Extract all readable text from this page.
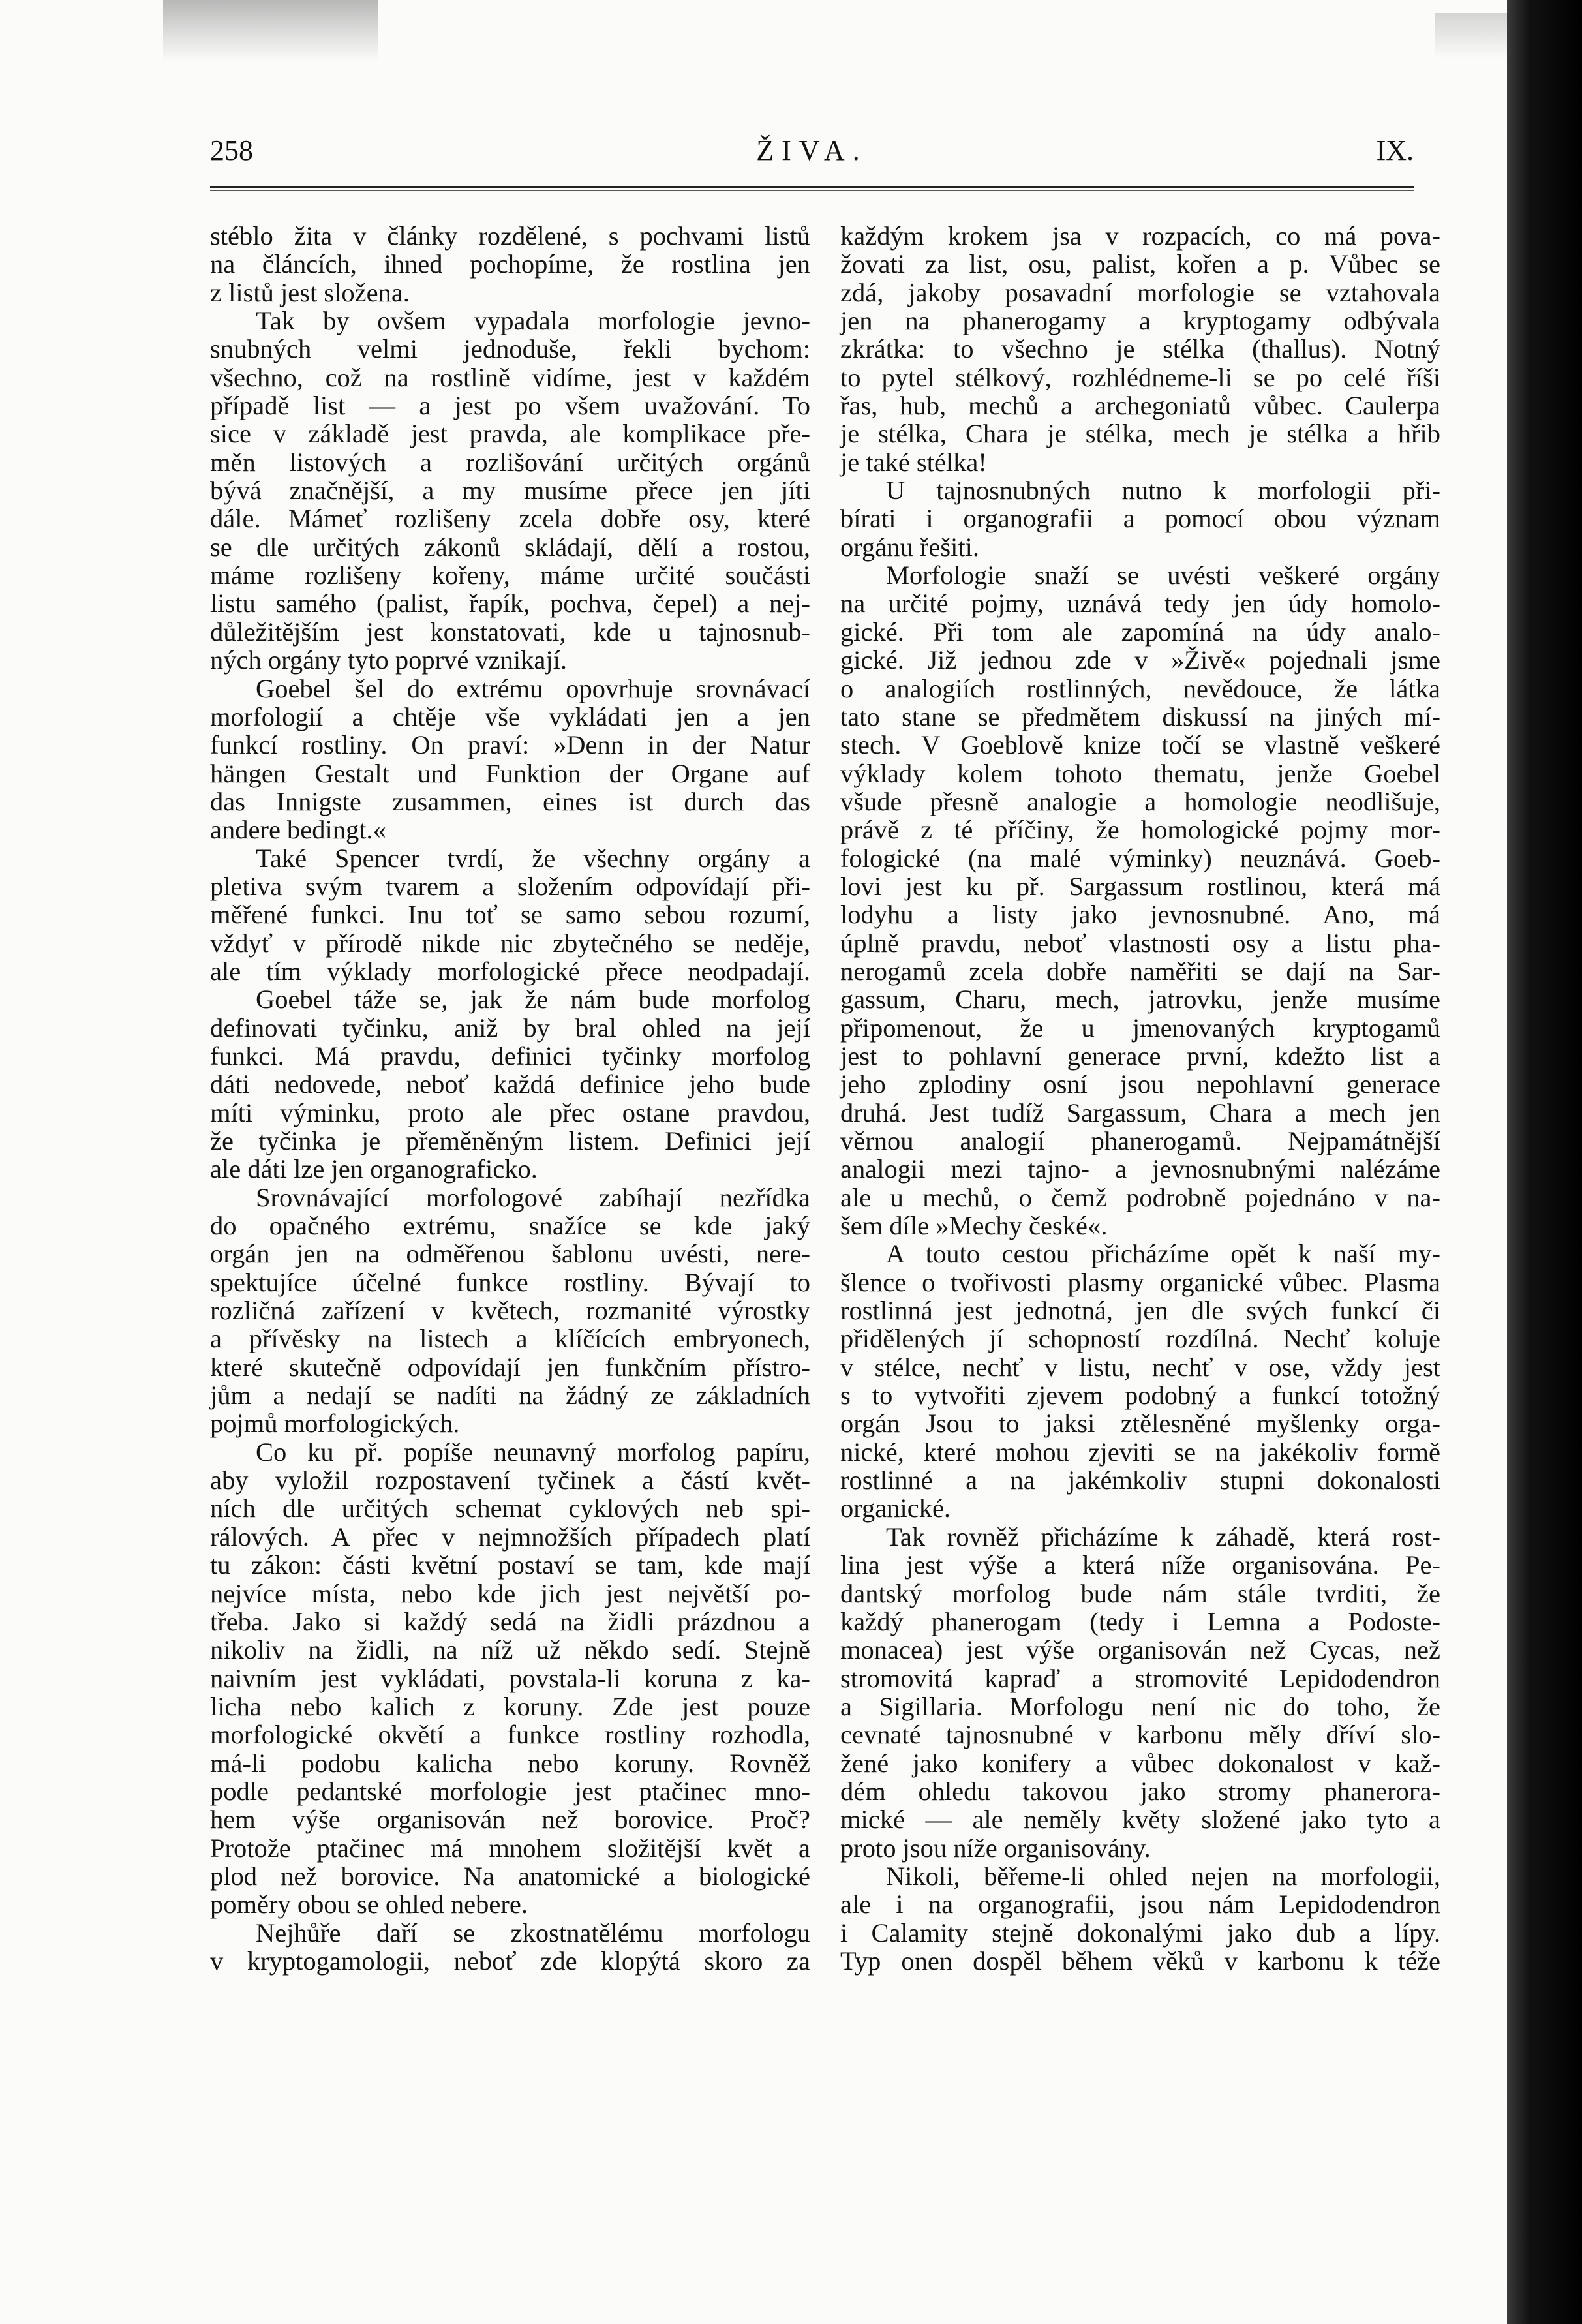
258	ŽIVA.	IX.
stéblo žita v články rozdělené, s pochvami listů
na článcích, ihned pochopíme, že rostlina jen
z listů jest složena.
Tak by ovšem vypadala morfologie jevno-
snubných velmi jednoduše, řekli bychom:
všechno, což na rostlině vidíme, jest v každém
případě list — a jest po všem uvažování. To
sice v základě jest pravda, ale komplikace pře-
měn listových a rozlišování určitých orgánů
bývá značnější, a my musíme přece jen jíti
dále. Mámeť rozlišeny zcela dobře osy, které
se dle určitých zákonů skládají, dělí a rostou,
máme rozlišeny kořeny, máme určité součásti
listu samého (palist, řapík, pochva, čepel) a nej-
důležitějším jest konstatovati, kde u tajnosnub-
ných orgány tyto poprvé vznikají.
Goebel šel do extrému opovrhuje srovnávací
morfologií a chtěje vše vykládati jen a jen
funkcí rostliny. On praví: »Denn in der Natur
hängen Gestalt und Funktion der Organe auf
das Innigste zusammen, eines ist durch das
andere bedingt.«
Také Spencer tvrdí, že všechny orgány a
pletiva svým tvarem a složením odpovídají při-
měřené funkci. Inu toť se samo sebou rozumí,
vždyť v přírodě nikde nic zbytečného se neděje,
ale tím výklady morfologické přece neodpadají.
Goebel táže se, jak že nám bude morfolog
definovati tyčinku, aniž by bral ohled na její
funkci. Má pravdu, definici tyčinky morfolog
dáti nedovede, neboť každá definice jeho bude
míti výminku, proto ale přec ostane pravdou,
že tyčinka je přeměněným listem. Definici její
ale dáti lze jen organograficko.
Srovnávající morfologové zabíhají nezřídka
do opačného extrému, snažíce se kde jaký
orgán jen na odměřenou šablonu uvésti, nere-
spektujíce účelné funkce rostliny. Bývají to
rozličná zařízení v květech, rozmanité výrostky
a přívěsky na listech a klíčících embryonech,
které skutečně odpovídají jen funkčním přístro-
jům a nedají se nadíti na žádný ze základních
pojmů morfologických.
Co ku př. popíše neunavný morfolog papíru,
aby vyložil rozpostavení tyčinek a částí květ-
ních dle určitých schemat cyklových neb spi-
rálových. A přec v nejmnožších případech platí
tu zákon: části květní postaví se tam, kde mají
nejvíce místa, nebo kde jich jest největší po-
třeba. Jako si každý sedá na židli prázdnou a
nikoliv na židli, na níž už někdo sedí. Stejně
naivním jest vykládati, povstala-li koruna z ka-
licha nebo kalich z koruny. Zde jest pouze
morfologické okvětí a funkce rostliny rozhodla,
má-li podobu kalicha nebo koruny. Rovněž
podle pedantské morfologie jest ptačinec mno-
hem výše organisován než borovice. Proč?
Protože ptačinec má mnohem složitější květ a
plod než borovice. Na anatomické a biologické
poměry obou se ohled nebere.
Nejhůře daří se zkostnatělému morfologu
v kryptogamologii, neboť zde klopýtá skoro za
každým krokem jsa v rozpacích, co má pova-
žovati za list, osu, palist, kořen a p. Vůbec se
zdá, jakoby posavadní morfologie se vztahovala
jen na phanerogamy a kryptogamy odbývala
zkrátka: to všechno je stélka (thallus). Notný
to pytel stélkový, rozhlédneme-li se po celé říši
řas, hub, mechů a archegoniatů vůbec. Caulerpa
je stélka, Chara je stélka, mech je stélka a hřib
je také stélka!
U tajnosnubných nutno k morfologii při-
bírati i organografii a pomocí obou význam
orgánu řešiti.
Morfologie snaží se uvésti veškeré orgány
na určité pojmy, uznává tedy jen údy homolo-
gické. Při tom ale zapomíná na údy analo-
gické. Již jednou zde v »Živě« pojednali jsme
o analogiích rostlinných, nevědouce, že látka
tato stane se předmětem diskussí na jiných mí-
stech. V Goeblově knize točí se vlastně veškeré
výklady kolem tohoto thematu, jenže Goebel
všude přesně analogie a homologie neodlišuje,
právě z té příčiny, že homologické pojmy mor-
fologické (na malé výminky) neuznává. Goeb-
lovi jest ku př. Sargassum rostlinou, která má
lodyhu a listy jako jevnosnubné. Ano, má
úplně pravdu, neboť vlastnosti osy a listu pha-
nerogamů zcela dobře naměřiti se dají na Sar-
gassum, Charu, mech, jatrovku, jenže musíme
připomenout, že u jmenovaných kryptogamů
jest to pohlavní generace první, kdežto list a
jeho zplodiny osní jsou nepohlavní generace
druhá. Jest tudíž Sargassum, Chara a mech jen
věrnou analogií phanerogamů. Nejpamátnější
analogii mezi tajno- a jevnosnubnými nalézáme
ale u mechů, o čemž podrobně pojednáno v na-
šem díle »Mechy české«.
A touto cestou přicházíme opět k naší my-
šlence o tvořivosti plasmy organické vůbec. Plasma
rostlinná jest jednotná, jen dle svých funkcí či
přidělených jí schopností rozdílná. Nechť koluje
v stélce, nechť v listu, nechť v ose, vždy jest
s to vytvořiti zjevem podobný a funkcí totožný
orgán Jsou to jaksi ztělesněné myšlenky orga-
nické, které mohou zjeviti se na jakékoliv formě
rostlinné a na jakémkoliv stupni dokonalosti
organické.
Tak rovněž přicházíme k záhadě, která rost-
lina jest výše a která níže organisována. Pe-
dantský morfolog bude nám stále tvrditi, že
každý phanerogam (tedy i Lemna a Podoste-
monacea) jest výše organisován než Cycas, než
stromovitá kapraď a stromovité Lepidodendron
a Sigillaria. Morfologu není nic do toho, že
cevnaté tajnosnubné v karbonu měly dříví slo-
žené jako konifery a vůbec dokonalost v kaž-
dém ohledu takovou jako stromy phanerога-
mické — ale neměly květy složené jako tyto a
proto jsou níže organisovány.
Nikoli, běřeme-li ohled nejen na morfologii,
ale i na organografii, jsou nám Lepidodendron
i Calamity stejně dokonalými jako dub a lípy.
Typ onen dospěl během věků v karbonu k téže
